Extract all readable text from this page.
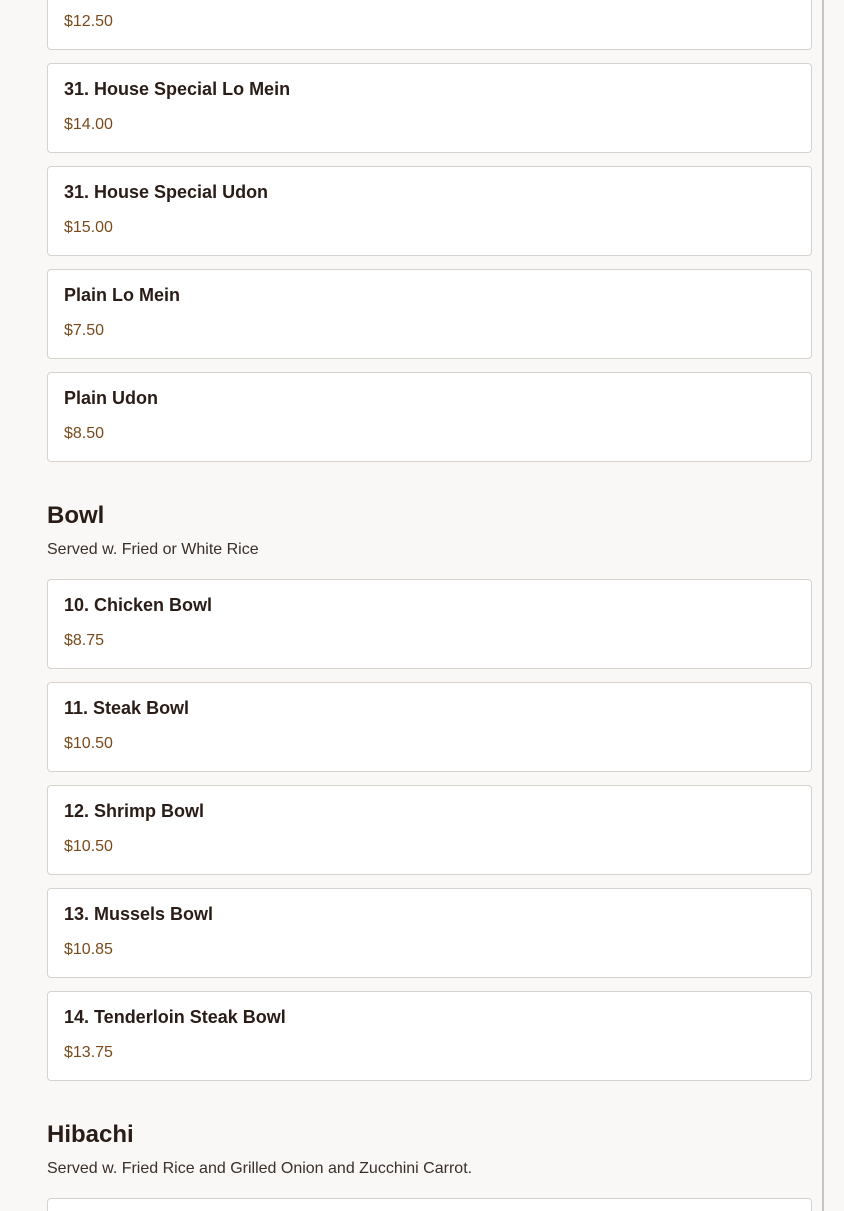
$12.50
31. House Special Lo Mein
$14.00
31. House Special Udon
$15.00
Plain Lo Mein
$7.50
Plain Udon
$8.50
Bowl
Served w. Fried or White Rice
10. Chicken Bowl
$8.75
11. Steak Bowl
$10.50
12. Shrimp Bowl
$10.50
13. Mussels Bowl
$10.85
14. Tenderloin Steak Bowl
$13.75
Hibachi
Served w. Fried Rice and Grilled Onion and Zucchini Carrot.
